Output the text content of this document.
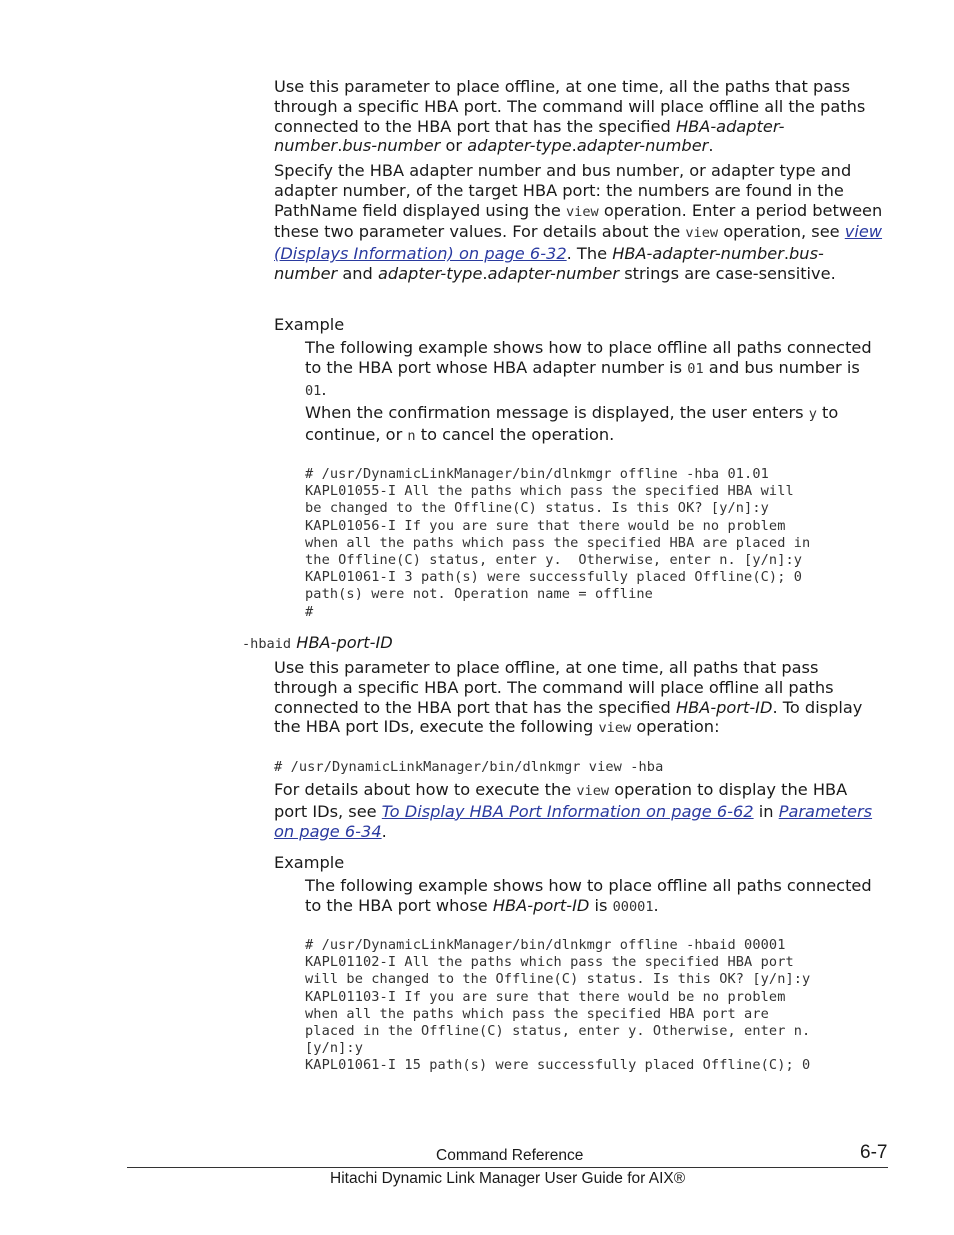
Use this parameter to place offline, at one time, all the paths that pass through a specific HBA port. The command will place offline all the paths connected to the HBA port that has the specified HBA-adapter-number.bus-number or adapter-type.adapter-number.

Specify the HBA adapter number and bus number, or adapter type and adapter number, of the target HBA port: the numbers are found in the PathName field displayed using the view operation. Enter a period between these two parameter values. For details about the view operation, see view (Displays Information) on page 6-32. The HBA-adapter-number.bus-number and adapter-type.adapter-number strings are case-sensitive.

Example

The following example shows how to place offline all paths connected to the HBA port whose HBA adapter number is 01 and bus number is 01.

When the confirmation message is displayed, the user enters y to continue, or n to cancel the operation.

# /usr/DynamicLinkManager/bin/dlnkmgr offline -hba 01.01
KAPL01055-I All the paths which pass the specified HBA will
be changed to the Offline(C) status. Is this OK? [y/n]:y
KAPL01056-I If you are sure that there would be no problem
when all the paths which pass the specified HBA are placed in
the Offline(C) status, enter y.  Otherwise, enter n. [y/n]:y
KAPL01061-I 3 path(s) were successfully placed Offline(C); 0
path(s) were not. Operation name = offline
#

-hbaid HBA-port-ID

Use this parameter to place offline, at one time, all paths that pass through a specific HBA port. The command will place offline all paths connected to the HBA port that has the specified HBA-port-ID. To display the HBA port IDs, execute the following view operation:

# /usr/DynamicLinkManager/bin/dlnkmgr view -hba

For details about how to execute the view operation to display the HBA port IDs, see To Display HBA Port Information on page 6-62 in Parameters on page 6-34.

Example

The following example shows how to place offline all paths connected to the HBA port whose HBA-port-ID is 00001.

# /usr/DynamicLinkManager/bin/dlnkmgr offline -hbaid 00001
KAPL01102-I All the paths which pass the specified HBA port
will be changed to the Offline(C) status. Is this OK? [y/n]:y
KAPL01103-I If you are sure that there would be no problem
when all the paths which pass the specified HBA port are
placed in the Offline(C) status, enter y. Otherwise, enter n.
[y/n]:y
KAPL01061-I 15 path(s) were successfully placed Offline(C); 0
Command Reference	6-7
Hitachi Dynamic Link Manager User Guide for AIX®
